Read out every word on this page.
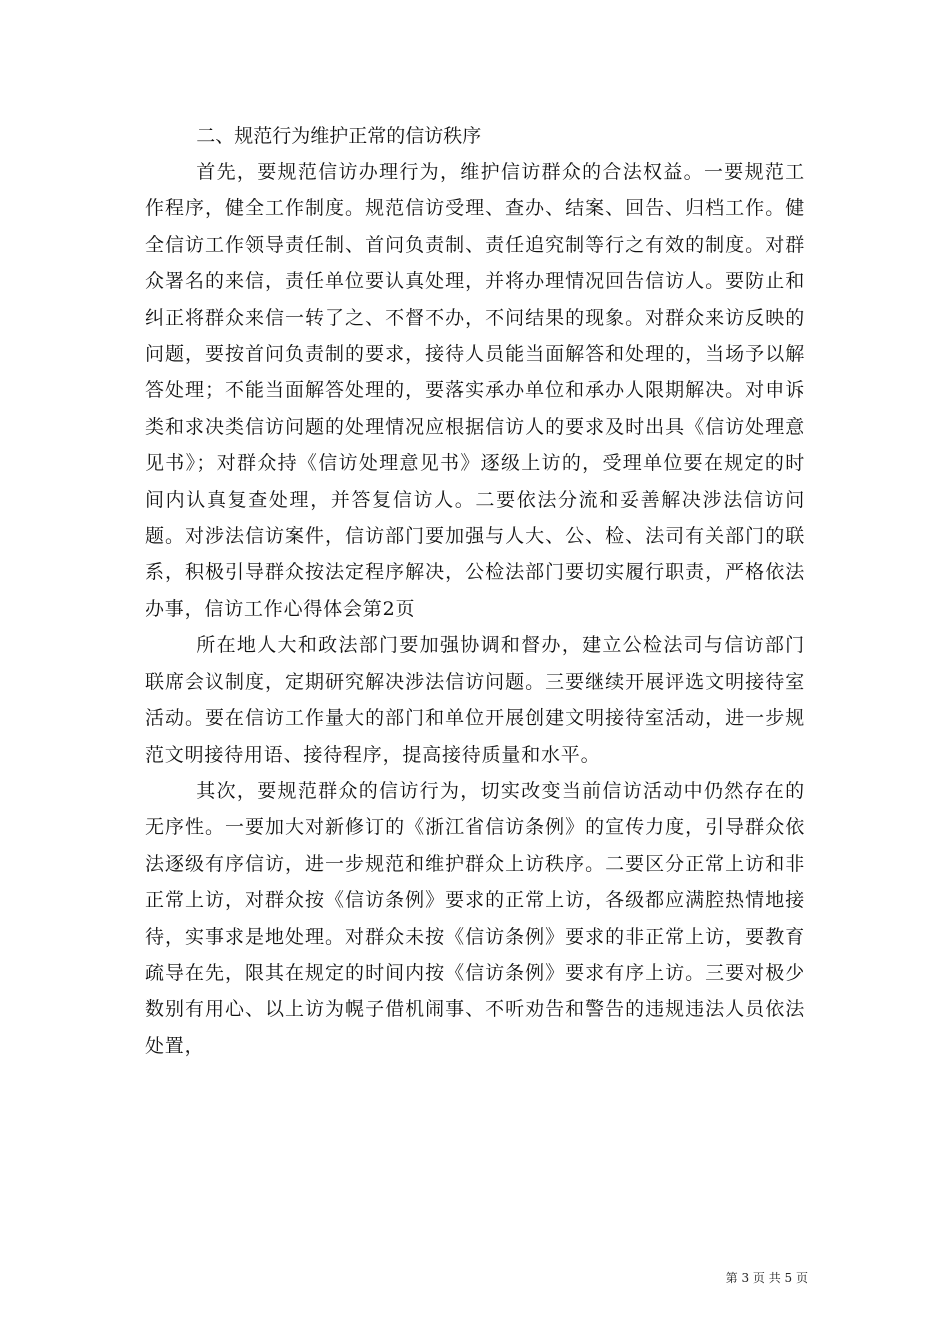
二、规范行为维护正常的信访秩序

首先，要规范信访办理行为，维护信访群众的合法权益。一要规范工作程序，健全工作制度。规范信访受理、查办、结案、回告、归档工作。健全信访工作领导责任制、首问负责制、责任追究制等行之有效的制度。对群众署名的来信，责任单位要认真处理，并将办理情况回告信访人。要防止和纠正将群众来信一转了之、不督不办，不问结果的现象。对群众来访反映的问题，要按首问负责制的要求，接待人员能当面解答和处理的，当场予以解答处理；不能当面解答处理的，要落实承办单位和承办人限期解决。对申诉类和求决类信访问题的处理情况应根据信访人的要求及时出具《信访处理意见书》；对群众持《信访处理意见书》逐级上访的，受理单位要在规定的时间内认真复查处理，并答复信访人。二要依法分流和妥善解决涉法信访问题。对涉法信访案件，信访部门要加强与人大、公、检、法司有关部门的联系，积极引导群众按法定程序解决，公检法部门要切实履行职责，严格依法办事，信访工作心得体会第2页

所在地人大和政法部门要加强协调和督办，建立公检法司与信访部门联席会议制度，定期研究解决涉法信访问题。三要继续开展评选文明接待室活动。要在信访工作量大的部门和单位开展创建文明接待室活动，进一步规范文明接待用语、接待程序，提高接待质量和水平。

其次，要规范群众的信访行为，切实改变当前信访活动中仍然存在的无序性。一要加大对新修订的《浙江省信访条例》的宣传力度，引导群众依法逐级有序信访，进一步规范和维护群众上访秩序。二要区分正常上访和非正常上访，对群众按《信访条例》要求的正常上访，各级都应满腔热情地接待，实事求是地处理。对群众未按《信访条例》要求的非正常上访，要教育疏导在先，限其在规定的时间内按《信访条例》要求有序上访。三要对极少数别有用心、以上访为幌子借机闹事、不听劝告和警告的违规违法人员依法处置，

第 3 页 共 5 页
